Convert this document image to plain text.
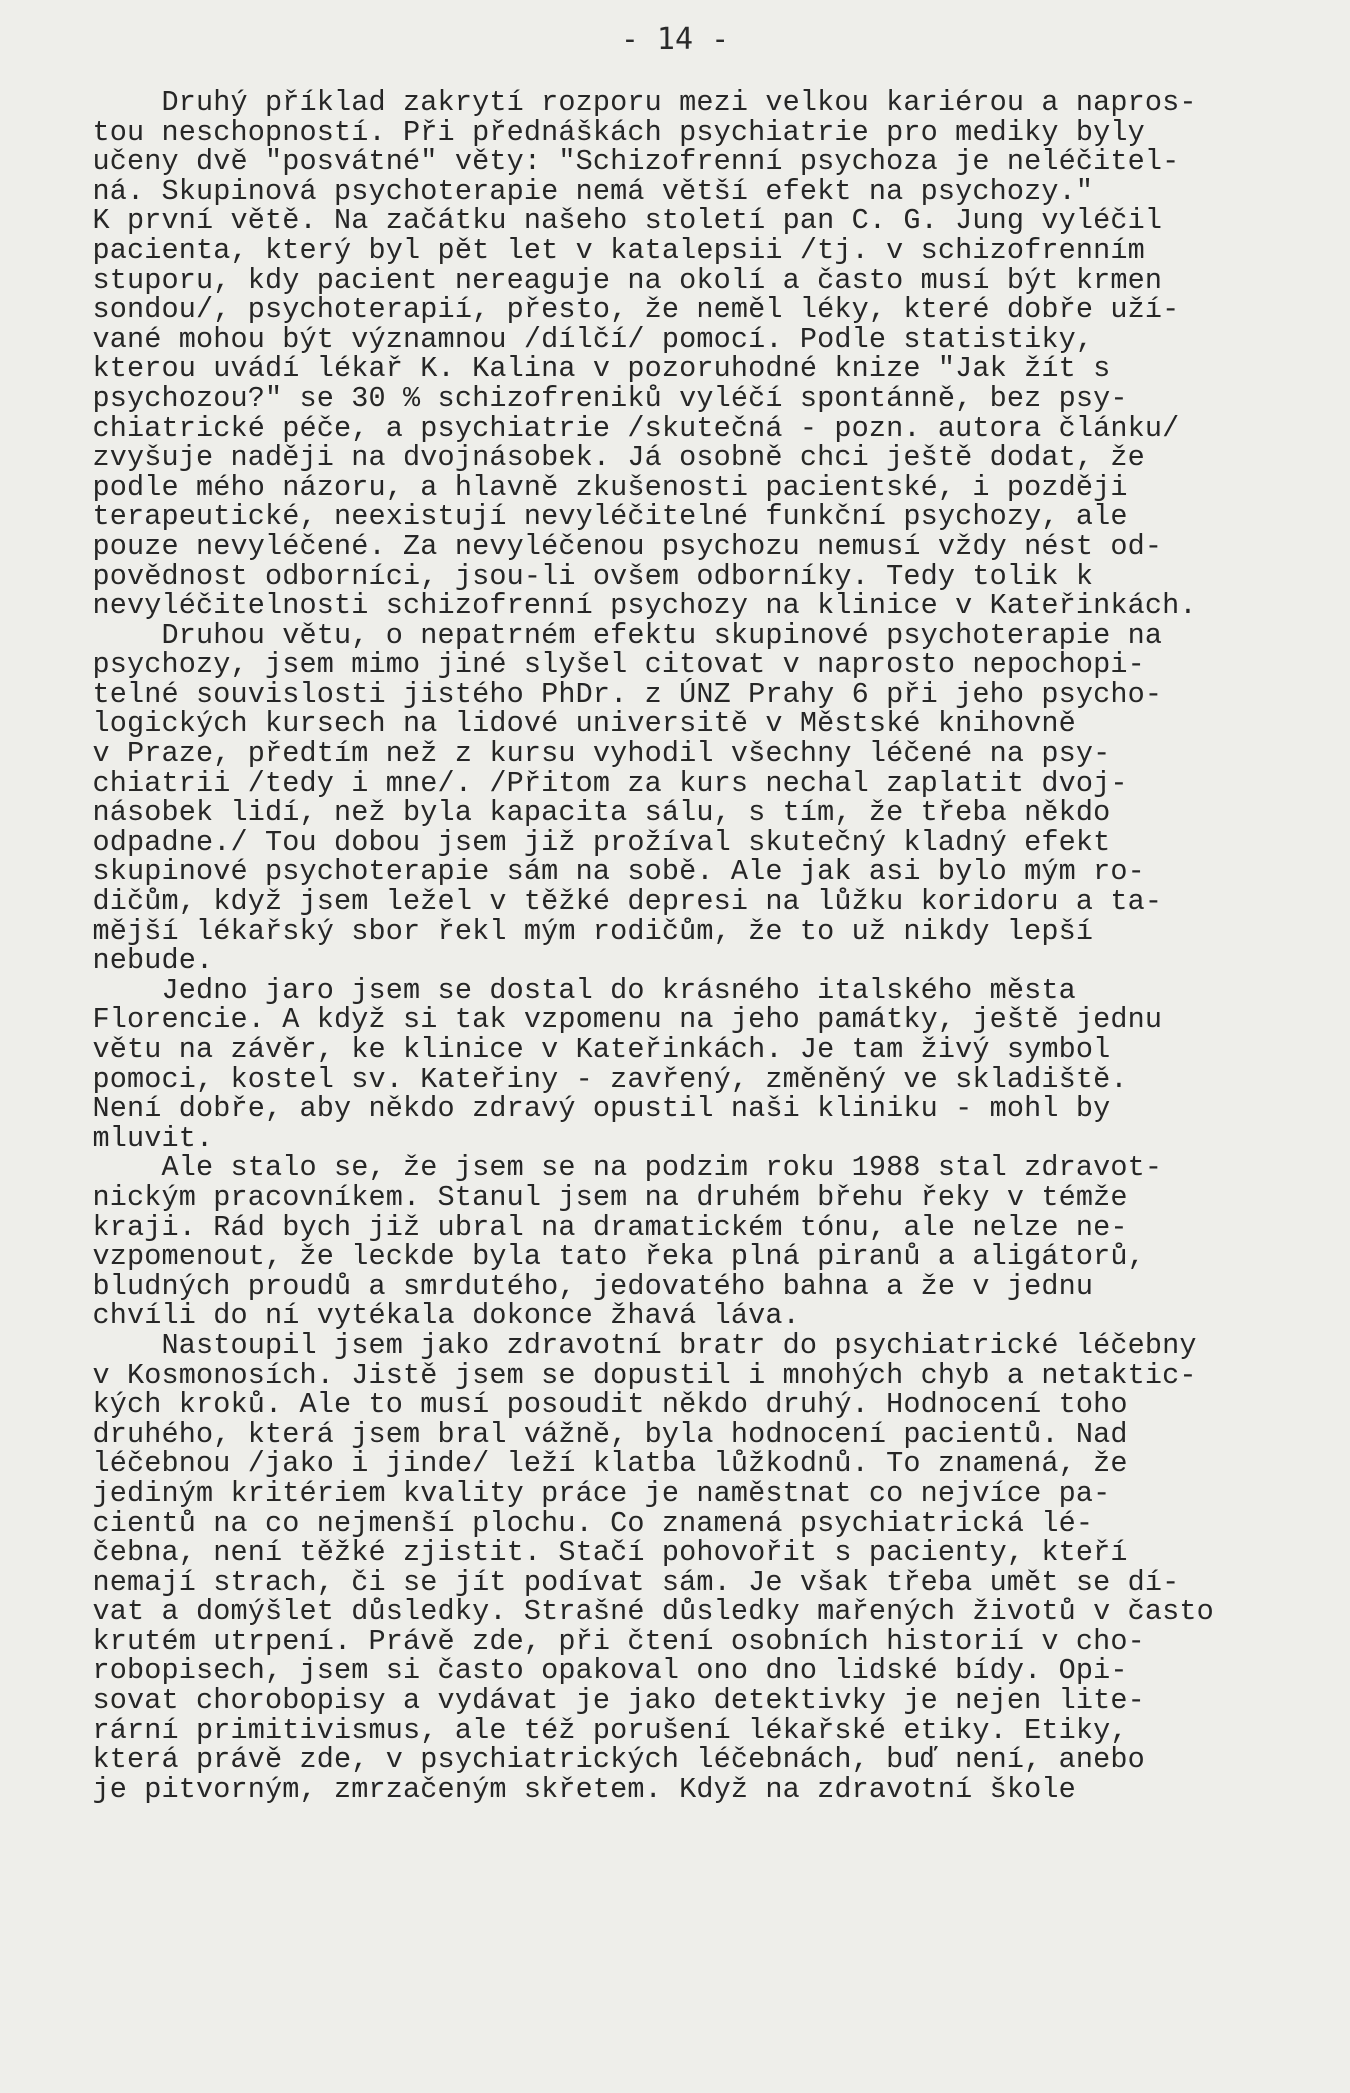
- 14 -
Druhý příklad zakrytí rozporu mezi velkou kariérou a napros-
tou neschopností. Při přednáškách psychiatrie pro mediky byly
učeny dvě "posvátné" věty: "Schizofrenní psychoza je neléčitel-
ná. Skupinová psychoterapie nemá větší efekt na psychozy."
K první větě. Na začátku našeho století pan C. G. Jung vyléčil
pacienta, který byl pět let v katalepsii /tj. v schizofrenním
stuporu, kdy pacient nereaguje na okolí a často musí být krmen
sondou/, psychoterapií, přesto, že neměl léky, které dobře uží-
vané mohou být významnou /dílčí/ pomocí. Podle statistiky,
kterou uvádí lékař K. Kalina v pozoruhodné knize "Jak žít s
psychozou?" se 30 % schizofreniků vyléčí spontánně, bez psy-
chiatrické péče, a psychiatrie /skutečná - pozn. autora článku/
zvyšuje naději na dvojnásobek. Já osobně chci ještě dodat, že
podle mého názoru, a hlavně zkušenosti pacientské, i později
terapeutické, neexistují nevyléčitelné funkční psychozy, ale
pouze nevyléčené. Za nevyléčenou psychozu nemusí vždy nést od-
povědnost odborníci, jsou-li ovšem odborníky. Tedy tolik k
nevyléčitelnosti schizofrenní psychozy na klinice v Kateřinkách.
Druhou větu, o nepatrném efektu skupinové psychoterapie na
psychozy, jsem mimo jiné slyšel citovat v naprosto nepochopi-
telné souvislosti jistého PhDr. z ÚNZ Prahy 6 při jeho psycho-
logických kursech na lidové universitě v Městské knihovně
v Praze, předtím než z kursu vyhodil všechny léčené na psy-
chiatrii /tedy i mne/. /Přitom za kurs nechal zaplatit dvoj-
násobek lidí, než byla kapacita sálu, s tím, že třeba někdo
odpadne./ Tou dobou jsem již prožíval skutečný kladný efekt
skupinové psychoterapie sám na sobě. Ale jak asi bylo mým ro-
dičům, když jsem ležel v těžké depresi na lůžku koridoru a ta-
mější lékařský sbor řekl mým rodičům, že to už nikdy lepší
nebude.
Jedno jaro jsem se dostal do krásného italského města
Florencie. A když si tak vzpomenu na jeho památky, ještě jednu
větu na závěr, ke klinice v Kateřinkách. Je tam živý symbol
pomoci, kostel sv. Kateřiny - zavřený, změněný ve skladiště.
Není dobře, aby někdo zdravý opustil naši kliniku - mohl by
mluvit.
Ale stalo se, že jsem se na podzim roku 1988 stal zdravot-
nickým pracovníkem. Stanul jsem na druhém břehu řeky v témže
kraji. Rád bych již ubral na dramatickém tónu, ale nelze ne-
vzpomenout, že leckde byla tato řeka plná piranů a aligátorů,
bludných proudů a smrdutého, jedovatého bahna a že v jednu
chvíli do ní vytékala dokonce žhavá láva.
Nastoupil jsem jako zdravotní bratr do psychiatrické léčebny
v Kosmonosích. Jistě jsem se dopustil i mnohých chyb a netaktic-
kých kroků. Ale to musí posoudit někdo druhý. Hodnocení toho
druhého, která jsem bral vážně, byla hodnocení pacientů. Nad
léčebnou /jako i jinde/ leží klatba lůžkodnů. To znamená, že
jediným kritériem kvality práce je naměstnat co nejvíce pa-
cientů na co nejmenší plochu. Co znamená psychiatrická lé-
čebna, není těžké zjistit. Stačí pohovořit s pacienty, kteří
nemají strach, či se jít podívat sám. Je však třeba umět se dí-
vat a domýšlet důsledky. Strašné důsledky mařených životů v často
krutém utrpení. Právě zde, při čtení osobních historií v cho-
robopisech, jsem si často opakoval ono dno lidské bídy. Opi-
sovat chorobopisy a vydávat je jako detektivky je nejen lite-
rární primitivismus, ale též porušení lékařské etiky. Etiky,
která právě zde, v psychiatrických léčebnách, buď není, anebo
je pitvorným, zmrzačeným skřetem. Když na zdravotní škole
